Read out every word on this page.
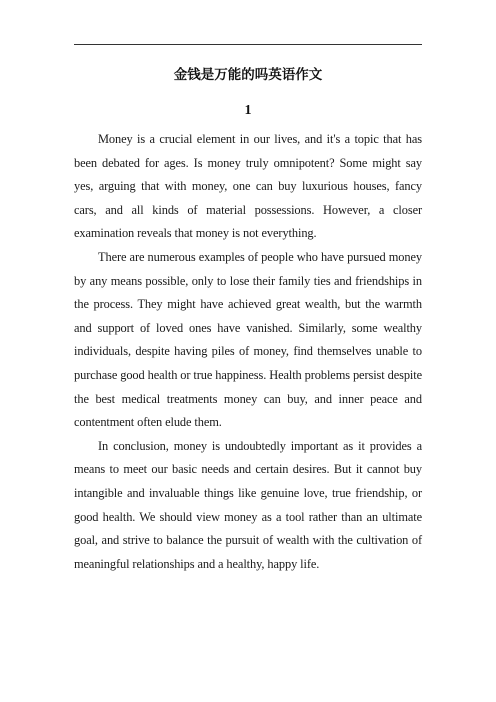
金钱是万能的吗英语作文
1

Money is a crucial element in our lives, and it's a topic that has been debated for ages. Is money truly omnipotent? Some might say yes, arguing that with money, one can buy luxurious houses, fancy cars, and all kinds of material possessions. However, a closer examination reveals that money is not everything.

There are numerous examples of people who have pursued money by any means possible, only to lose their family ties and friendships in the process. They might have achieved great wealth, but the warmth and support of loved ones have vanished. Similarly, some wealthy individuals, despite having piles of money, find themselves unable to purchase good health or true happiness. Health problems persist despite the best medical treatments money can buy, and inner peace and contentment often elude them.

In conclusion, money is undoubtedly important as it provides a means to meet our basic needs and certain desires. But it cannot buy intangible and invaluable things like genuine love, true friendship, or good health. We should view money as a tool rather than an ultimate goal, and strive to balance the pursuit of wealth with the cultivation of meaningful relationships and a healthy, happy life.
